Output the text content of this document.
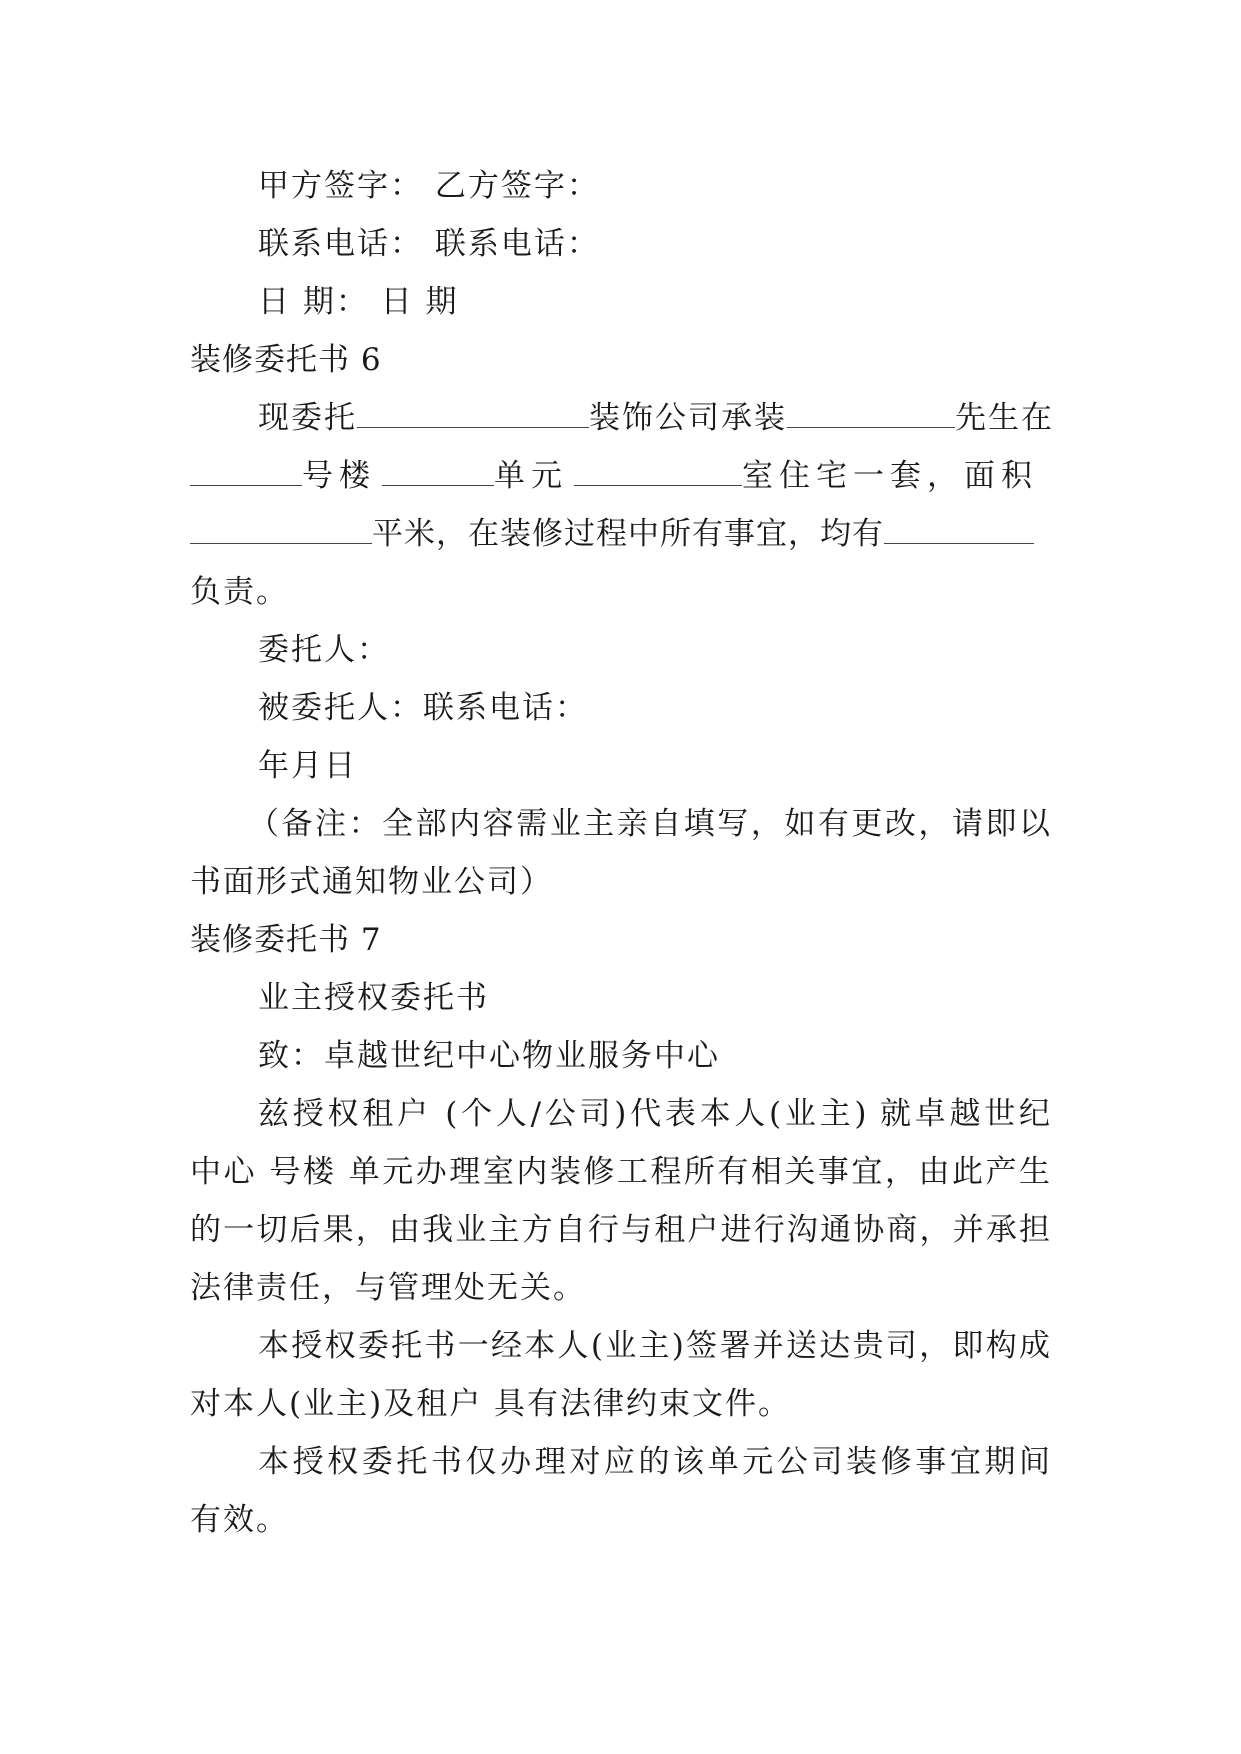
甲方签字： 乙方签字：
联系电话： 联系电话：
日 期： 日 期
装修委托书 6
现委托	装饰公司承装	先生在
号楼	单元	室住宅一套，面积
平米，在装修过程中所有事宜，均有
负责。
委托人：
被委托人：联系电话：
年月日
（备注：全部内容需业主亲自填写，如有更改，请即以
书面形式通知物业公司）
装修委托书 7
业主授权委托书
致：卓越世纪中心物业服务中心
兹授权租户 (个人/公司)代表本人(业主) 就卓越世纪
中心 号楼 单元办理室内装修工程所有相关事宜，由此产生
的一切后果，由我业主方自行与租户进行沟通协商，并承担
法律责任，与管理处无关。
本授权委托书一经本人(业主)签署并送达贵司，即构成
对本人(业主)及租户 具有法律约束文件。
本授权委托书仅办理对应的该单元公司装修事宜期间
有效。
